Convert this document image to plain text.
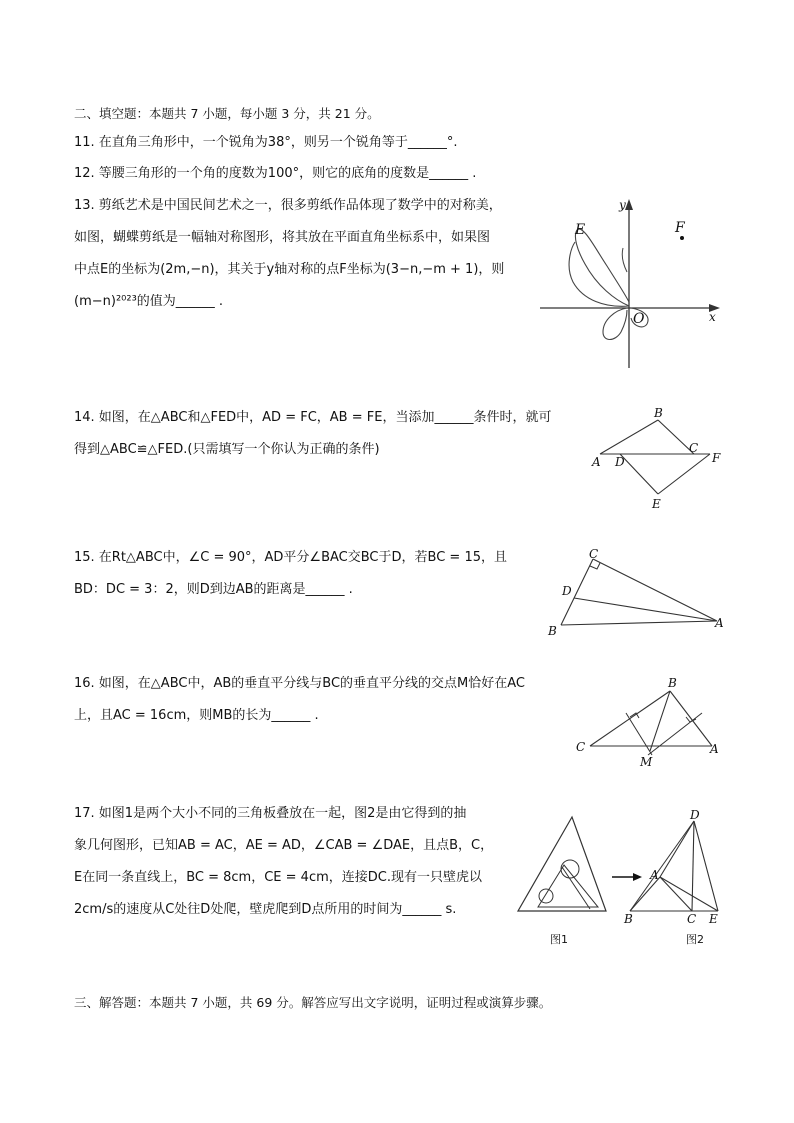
二、填空题：本题共 7 小题，每小题 3 分，共 21 分。
11. 在直角三角形中，一个锐角为38°，则另一个锐角等于______°.
12. 等腰三角形的一个角的度数为100°，则它的底角的度数是______ .
13. 剪纸艺术是中国民间艺术之一，很多剪纸作品体现了数学中的对称美，
如图，蝴蝶剪纸是一幅轴对称图形，将其放在平面直角坐标系中，如果图
中点E的坐标为(2m,−n)，其关于y轴对称的点F坐标为(3−n,−m + 1)，则
(m−n)²⁰²³的值为______ .
y
x
O
E	F
14. 如图，在△ABC和△FED中，AD = FC，AB = FE，当添加______条件时，就可
得到△ABC≌△FED.(只需填写一个你认为正确的条件)
B
A D
C
F
E
15. 在Rt△ABC中，∠C = 90°，AD平分∠BAC交BC于D，若BC = 15，且
BD：DC = 3：2，则D到边AB的距离是______ .
C
D
B
A
16. 如图，在△ABC中，AB的垂直平分线与BC的垂直平分线的交点M恰好在AC
上，且AC = 16cm，则MB的长为______ .
B
C	A
M
17. 如图1是两个大小不同的三角板叠放在一起，图2是由它得到的抽
象几何图形，已知AB = AC，AE = AD，∠CAB = ∠DAE，且点B，C，
E在同一条直线上，BC = 8cm，CE = 4cm，连接DC.现有一只壁虎以
2cm/s的速度从C处往D处爬，壁虎爬到D点所用的时间为______ s.
D
A
B	C E
图1	图2
三、解答题：本题共 7 小题，共 69 分。解答应写出文字说明，证明过程或演算步骤。
